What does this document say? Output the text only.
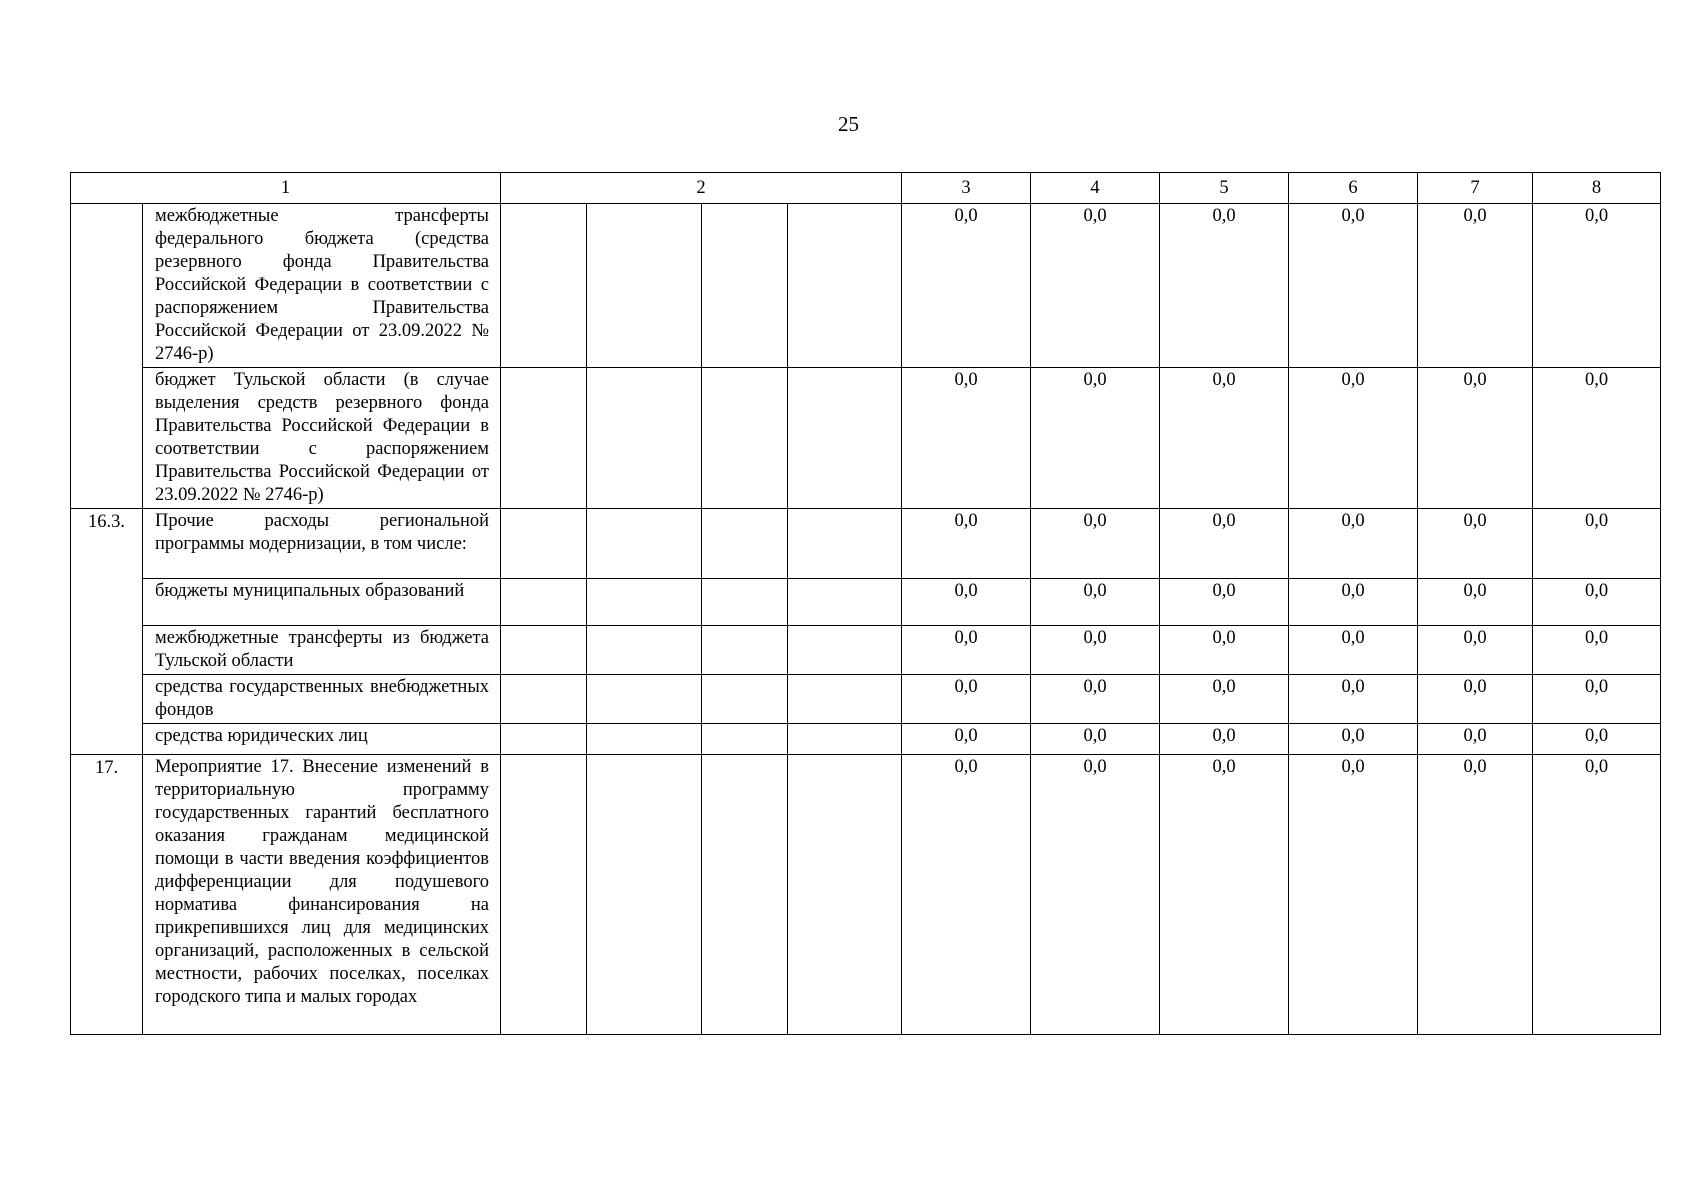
25
1		2				3	4	5	6	7	8
	межбюджетные трансферты федерального бюджета (средства резервного фонда Правительства Российской Федерации в соответствии с распоряжением Правительства Российской Федерации от 23.09.2022 № 2746-р)					0,0	0,0	0,0	0,0	0,0	0,0
	бюджет Тульской области (в случае выделения средств резервного фонда Правительства Российской Федерации в соответствии с распоряжением Правительства Российской Федерации от 23.09.2022 № 2746-р)					0,0	0,0	0,0	0,0	0,0	0,0
16.3.	Прочие расходы региональной программы модернизации, в том числе:					0,0	0,0	0,0	0,0	0,0	0,0
	бюджеты муниципальных образований					0,0	0,0	0,0	0,0	0,0	0,0
	межбюджетные трансферты из бюджета Тульской области					0,0	0,0	0,0	0,0	0,0	0,0
	средства государственных внебюджетных фондов					0,0	0,0	0,0	0,0	0,0	0,0
	средства юридических лиц					0,0	0,0	0,0	0,0	0,0	0,0
17.	Мероприятие 17. Внесение изменений в территориальную программу государственных гарантий бесплатного оказания гражданам медицинской помощи в части введения коэффициентов дифференциации для подушевого норматива финансирования на прикрепившихся лиц для медицинских организаций, расположенных в сельской местности, рабочих поселках, поселках городского типа и малых городах					0,0	0,0	0,0	0,0	0,0	0,0
